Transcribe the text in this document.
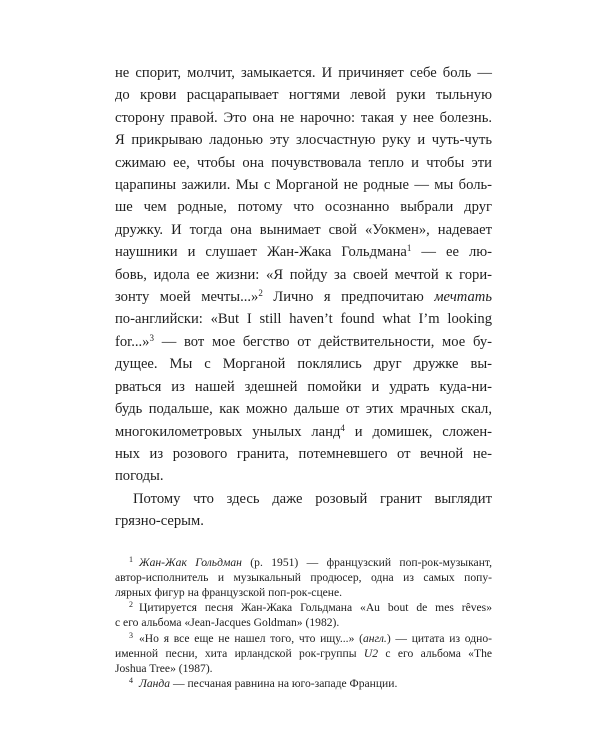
не спорит, молчит, замыкается. И причиняет себе боль —
до крови расцарапывает ногтями левой руки тыльную
сторону правой. Это она не нарочно: такая у нее болезнь.
Я прикрываю ладонью эту злосчастную руку и чуть-чуть
сжимаю ее, чтобы она почувствовала тепло и чтобы эти
царапины зажили. Мы с Морганой не родные — мы боль-
ше чем родные, потому что осознанно выбрали друг
дружку. И тогда она вынимает свой «Уокмен», надевает
наушники и слушает Жан-Жака Гольдмана$^1$ — ее лю-
бовь, идола ее жизни: «Я пойду за своей мечтой к гори-
зонту моей мечты...»$^2$ Лично я предпочитаю мечтать
по-английски: «But I still haven’t found what I’m looking
for...»$^3$ — вот мое бегство от действительности, мое бу-
дущее. Мы с Морганой поклялись друг дружке вы-
рваться из нашей здешней помойки и удрать куда-ни-
будь подальше, как можно дальше от этих мрачных скал,
многокилометровых унылых ланд$^4$ и домишек, сложен-
ных из розового гранита, потемневшего от вечной не-
погоды.
Потому что здесь даже розовый гранит выглядит
грязно-серым.
1 Жан-Жак Гольдман (р. 1951) — французский поп-рок-музыкант,
автор-исполнитель и музыкальный продюсер, одна из самых попу-
лярных фигур на французской поп-рок-сцене.
2 Цитируется песня Жан-Жака Гольдмана «Au bout de mes rêves»
с его альбома «Jean-Jacques Goldman» (1982).
3 «Но я все еще не нашел того, что ищу...» (англ.) — цитата из одно-
именной песни, хита ирландской рок-группы U2 с его альбома «The
Joshua Tree» (1987).
4 Ланда — песчаная равнина на юго-западе Франции.
